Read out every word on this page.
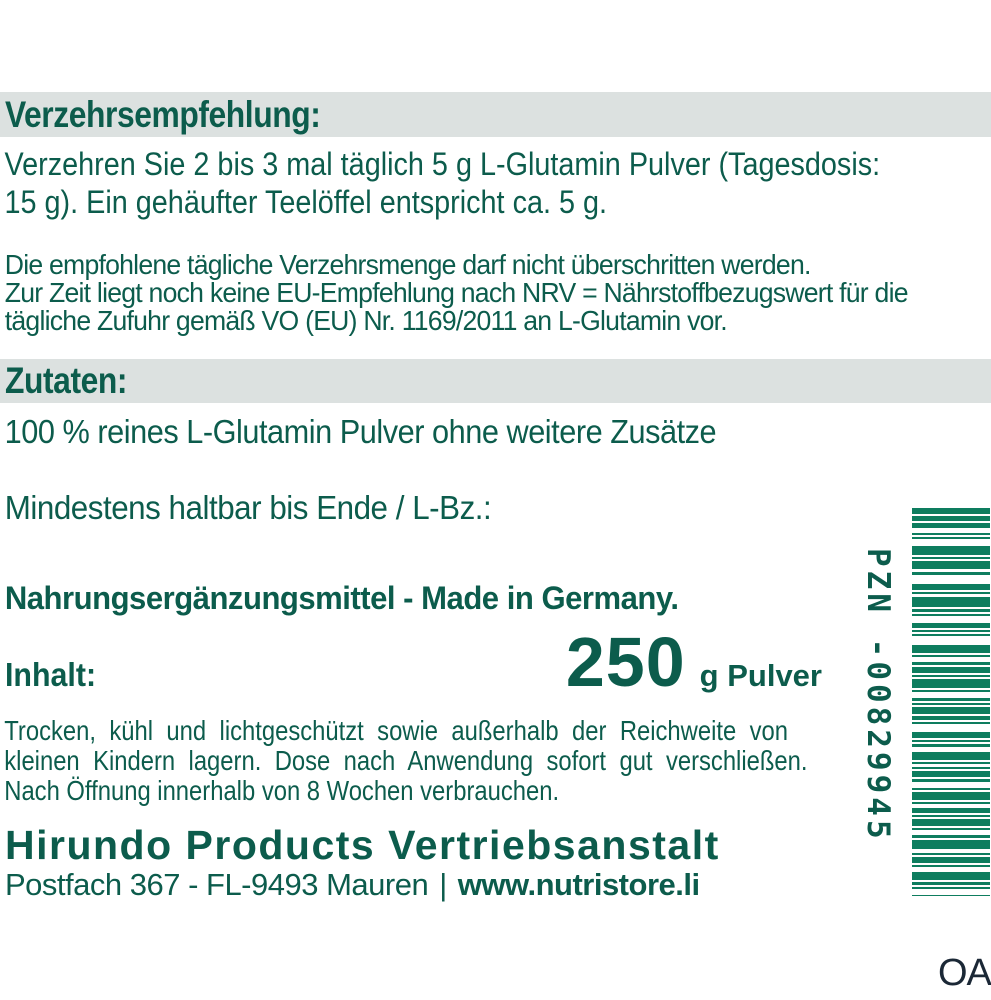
Verzehrsempfehlung:
Verzehren Sie 2 bis 3 mal täglich 5 g L-Glutamin Pulver (Tagesdosis:
15 g). Ein gehäufter Teelöffel entspricht ca. 5 g.
Die empfohlene tägliche Verzehrsmenge darf nicht überschritten werden.
Zur Zeit liegt noch keine EU-Empfehlung nach NRV = Nährstoffbezugswert für die
tägliche Zufuhr gemäß VO (EU) Nr. 1169/2011 an L-Glutamin vor.
Zutaten:
100 % reines L-Glutamin Pulver ohne weitere Zusätze
Mindestens haltbar bis Ende / L-Bz.:
Nahrungsergänzungsmittel - Made in Germany.
Inhalt:	250 g Pulver
Trocken, kühl und lichtgeschützt sowie außerhalb der Reichweite von
kleinen Kindern lagern. Dose nach Anwendung sofort gut verschließen.
Nach Öffnung innerhalb von 8 Wochen verbrauchen.
Hirundo Products Vertriebsanstalt
Postfach 367 - FL-9493 Mauren | www.nutristore.li
PZN -00829945
OA
